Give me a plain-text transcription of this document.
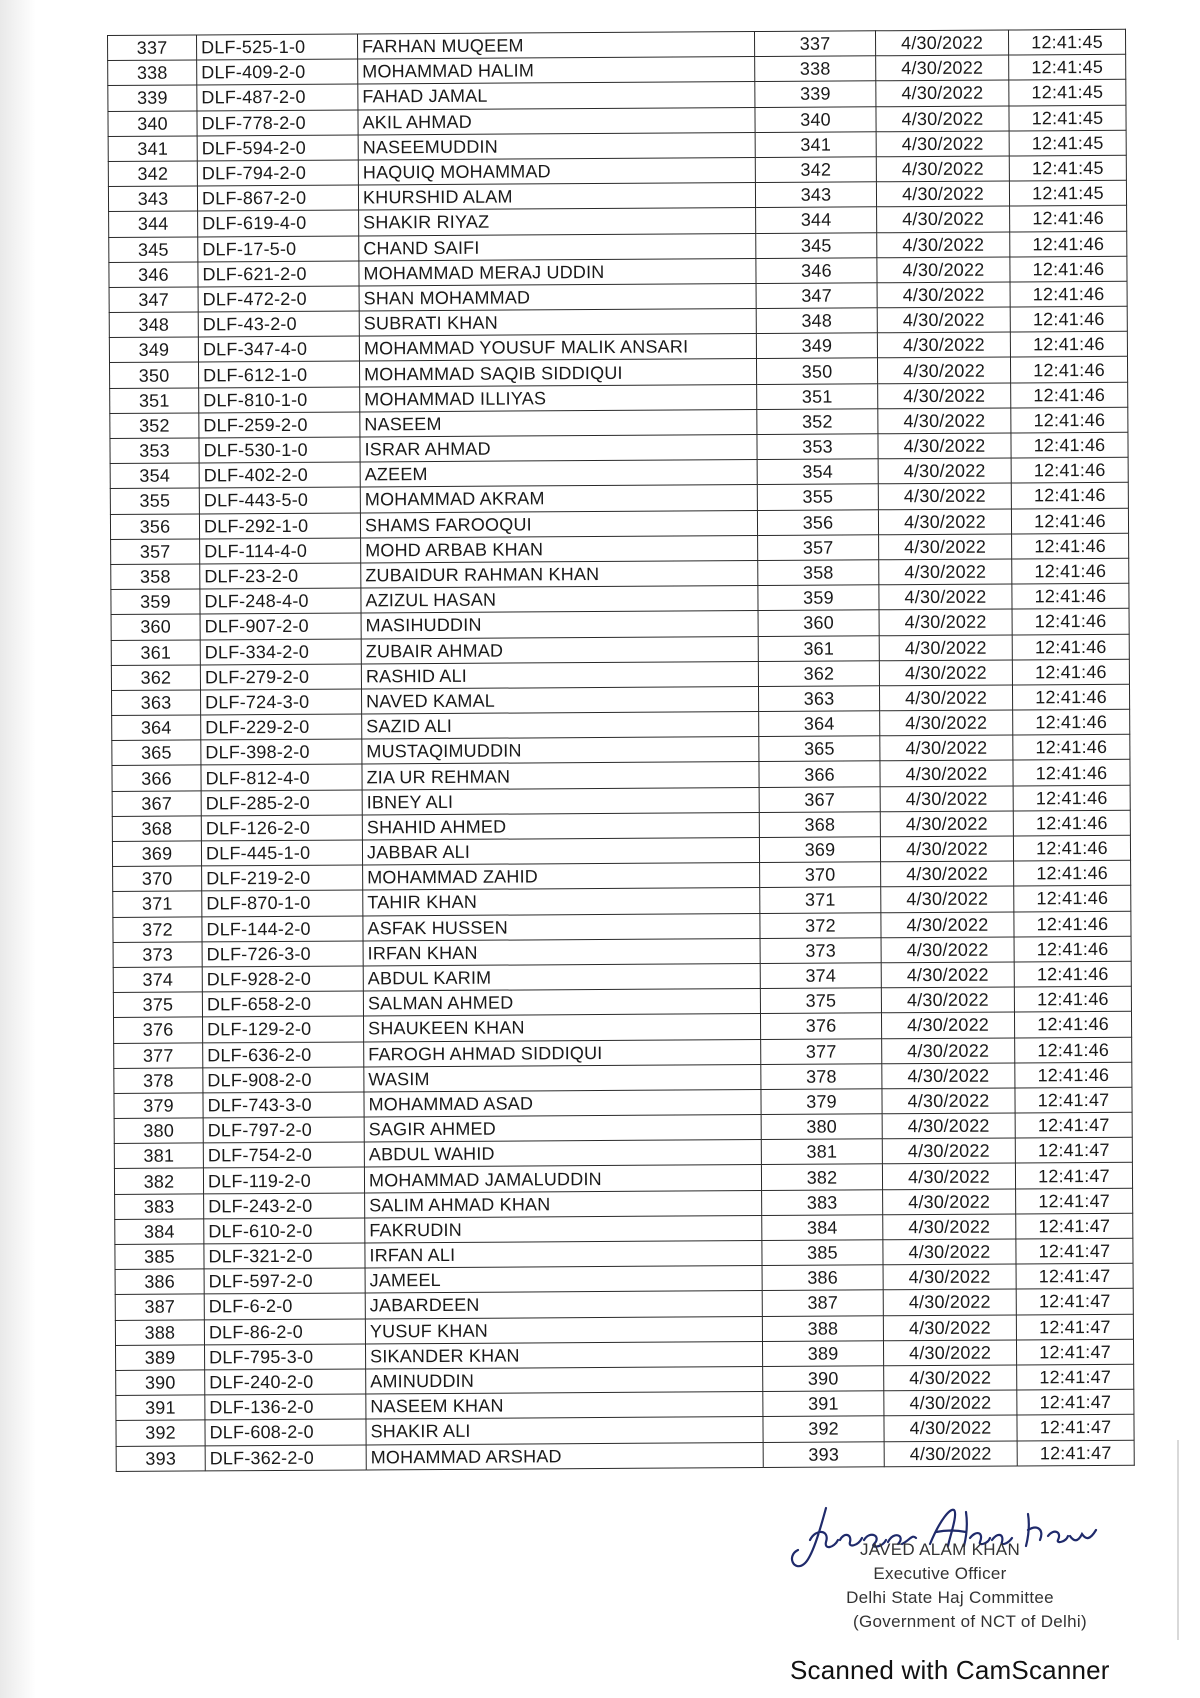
337	DLF-525-1-0	FARHAN MUQEEM	337	4/30/2022	12:41:45
338	DLF-409-2-0	MOHAMMAD HALIM	338	4/30/2022	12:41:45
339	DLF-487-2-0	FAHAD JAMAL	339	4/30/2022	12:41:45
340	DLF-778-2-0	AKIL AHMAD	340	4/30/2022	12:41:45
341	DLF-594-2-0	NASEEMUDDIN	341	4/30/2022	12:41:45
342	DLF-794-2-0	HAQUIQ MOHAMMAD	342	4/30/2022	12:41:45
343	DLF-867-2-0	KHURSHID ALAM	343	4/30/2022	12:41:45
344	DLF-619-4-0	SHAKIR RIYAZ	344	4/30/2022	12:41:46
345	DLF-17-5-0	CHAND SAIFI	345	4/30/2022	12:41:46
346	DLF-621-2-0	MOHAMMAD MERAJ UDDIN	346	4/30/2022	12:41:46
347	DLF-472-2-0	SHAN MOHAMMAD	347	4/30/2022	12:41:46
348	DLF-43-2-0	SUBRATI KHAN	348	4/30/2022	12:41:46
349	DLF-347-4-0	MOHAMMAD YOUSUF MALIK ANSARI	349	4/30/2022	12:41:46
350	DLF-612-1-0	MOHAMMAD SAQIB SIDDIQUI	350	4/30/2022	12:41:46
351	DLF-810-1-0	MOHAMMAD ILLIYAS	351	4/30/2022	12:41:46
352	DLF-259-2-0	NASEEM	352	4/30/2022	12:41:46
353	DLF-530-1-0	ISRAR AHMAD	353	4/30/2022	12:41:46
354	DLF-402-2-0	AZEEM	354	4/30/2022	12:41:46
355	DLF-443-5-0	MOHAMMAD AKRAM	355	4/30/2022	12:41:46
356	DLF-292-1-0	SHAMS FAROOQUI	356	4/30/2022	12:41:46
357	DLF-114-4-0	MOHD ARBAB KHAN	357	4/30/2022	12:41:46
358	DLF-23-2-0	ZUBAIDUR RAHMAN KHAN	358	4/30/2022	12:41:46
359	DLF-248-4-0	AZIZUL HASAN	359	4/30/2022	12:41:46
360	DLF-907-2-0	MASIHUDDIN	360	4/30/2022	12:41:46
361	DLF-334-2-0	ZUBAIR AHMAD	361	4/30/2022	12:41:46
362	DLF-279-2-0	RASHID ALI	362	4/30/2022	12:41:46
363	DLF-724-3-0	NAVED KAMAL	363	4/30/2022	12:41:46
364	DLF-229-2-0	SAZID ALI	364	4/30/2022	12:41:46
365	DLF-398-2-0	MUSTAQIMUDDIN	365	4/30/2022	12:41:46
366	DLF-812-4-0	ZIA UR REHMAN	366	4/30/2022	12:41:46
367	DLF-285-2-0	IBNEY ALI	367	4/30/2022	12:41:46
368	DLF-126-2-0	SHAHID AHMED	368	4/30/2022	12:41:46
369	DLF-445-1-0	JABBAR ALI	369	4/30/2022	12:41:46
370	DLF-219-2-0	MOHAMMAD ZAHID	370	4/30/2022	12:41:46
371	DLF-870-1-0	TAHIR KHAN	371	4/30/2022	12:41:46
372	DLF-144-2-0	ASFAK HUSSEN	372	4/30/2022	12:41:46
373	DLF-726-3-0	IRFAN KHAN	373	4/30/2022	12:41:46
374	DLF-928-2-0	ABDUL KARIM	374	4/30/2022	12:41:46
375	DLF-658-2-0	SALMAN AHMED	375	4/30/2022	12:41:46
376	DLF-129-2-0	SHAUKEEN KHAN	376	4/30/2022	12:41:46
377	DLF-636-2-0	FAROGH AHMAD SIDDIQUI	377	4/30/2022	12:41:46
378	DLF-908-2-0	WASIM	378	4/30/2022	12:41:46
379	DLF-743-3-0	MOHAMMAD ASAD	379	4/30/2022	12:41:47
380	DLF-797-2-0	SAGIR AHMED	380	4/30/2022	12:41:47
381	DLF-754-2-0	ABDUL WAHID	381	4/30/2022	12:41:47
382	DLF-119-2-0	MOHAMMAD JAMALUDDIN	382	4/30/2022	12:41:47
383	DLF-243-2-0	SALIM AHMAD KHAN	383	4/30/2022	12:41:47
384	DLF-610-2-0	FAKRUDIN	384	4/30/2022	12:41:47
385	DLF-321-2-0	IRFAN ALI	385	4/30/2022	12:41:47
386	DLF-597-2-0	JAMEEL	386	4/30/2022	12:41:47
387	DLF-6-2-0	JABARDEEN	387	4/30/2022	12:41:47
388	DLF-86-2-0	YUSUF KHAN	388	4/30/2022	12:41:47
389	DLF-795-3-0	SIKANDER KHAN	389	4/30/2022	12:41:47
390	DLF-240-2-0	AMINUDDIN	390	4/30/2022	12:41:47
391	DLF-136-2-0	NASEEM KHAN	391	4/30/2022	12:41:47
392	DLF-608-2-0	SHAKIR ALI	392	4/30/2022	12:41:47
393	DLF-362-2-0	MOHAMMAD ARSHAD	393	4/30/2022	12:41:47
JAVED ALAM KHAN
Executive Officer
Delhi State Haj Committee
(Government of NCT of Delhi)
Scanned with CamScanner
